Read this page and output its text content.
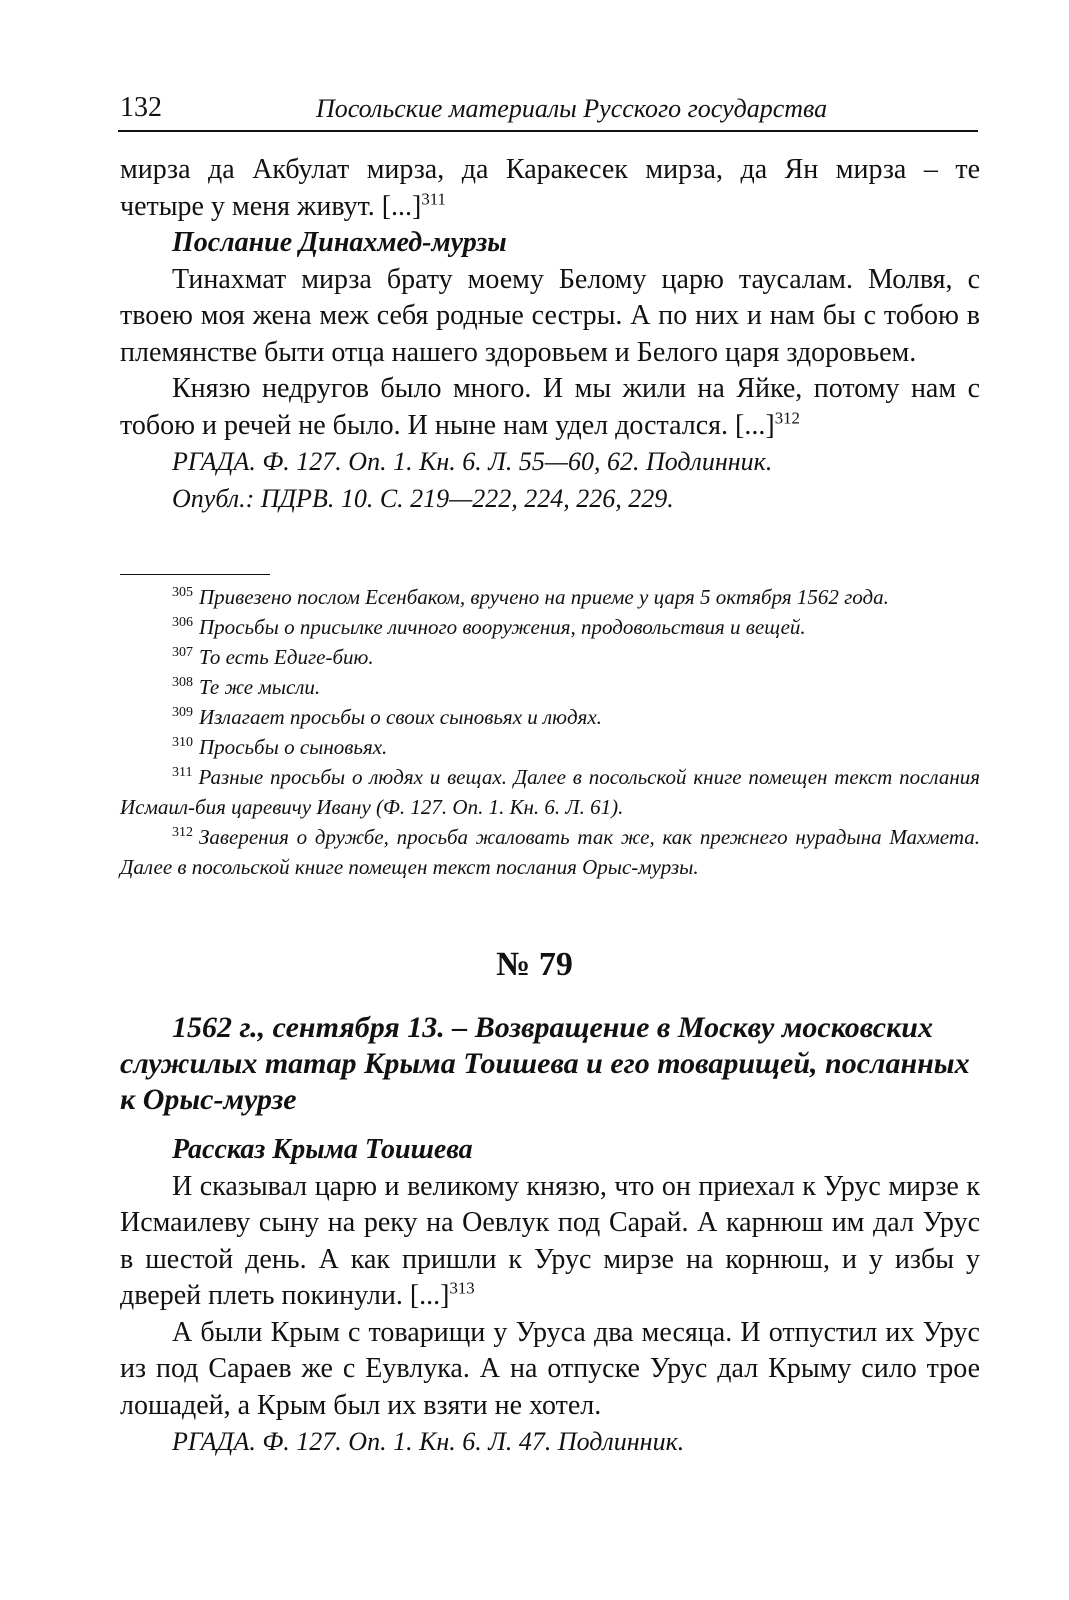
132	Посольские материалы Русского государства

мирза да Акбулат мирза, да Каракесек мирза, да Ян мирза – те

четыре у меня живут. [...]$^{311}$

Послание Динахмед-мурзы

Тинахмат мирза брату моему Белому царю таусалам. Молвя, с твоею моя жена меж себя родные сестры. А по них и нам бы с тобою в племянстве быти отца нашего здоровьем и Белого царя здоровьем.

Князю недругов было много. И мы жили на Яйке, потому нам с тобою и речей не было. И ныне нам удел достался. [...]$^{312}$

РГАДА. Ф. 127. Оп. 1. Кн. 6. Л. 55—60, 62. Подлинник.

Опубл.: ПДРВ. 10. С. 219—222, 224, 226, 229.

$^{305}$ Привезено послом Есенбаком, вручено на приеме у царя 5 октября 1562 года.

$^{306}$ Просьбы о присылке личного вооружения, продовольствия и вещей.

$^{307}$ То есть Едиге-бию.

$^{308}$ Те же мысли.

$^{309}$ Излагает просьбы о своих сыновьях и людях.

$^{310}$ Просьбы о сыновьях.

$^{311}$ Разные просьбы о людях и вещах. Далее в посольской книге помещен текст послания Исмаил-бия царевичу Ивану (Ф. 127. Оп. 1. Кн. 6. Л. 61).

$^{312}$ Заверения о дружбе, просьба жаловать так же, как прежнего нурадына Махмета. Далее в посольской книге помещен текст послания Орыс-мурзы.

№ 79

1562 г., сентября 13. – Возвращение в Москву московских служилых татар Крыма Тоишева и его товарищей, посланных к Орыс-мурзе

Рассказ Крыма Тоишева

И сказывал царю и великому князю, что он приехал к Урус мирзе к Исмаилеву сыну на реку на Оевлук под Сарай. А карнюш им дал Урус в шестой день. А как пришли к Урус мирзе на корнюш, и у избы у дверей плеть покинули. [...]$^{313}$

А были Крым с товарищи у Уруса два месяца. И отпустил их Урус из под Сараев же с Еувлука. А на отпуске Урус дал Крыму сило трое лошадей, а Крым был их взяти не хотел.

РГАДА. Ф. 127. Оп. 1. Кн. 6. Л. 47. Подлинник.
